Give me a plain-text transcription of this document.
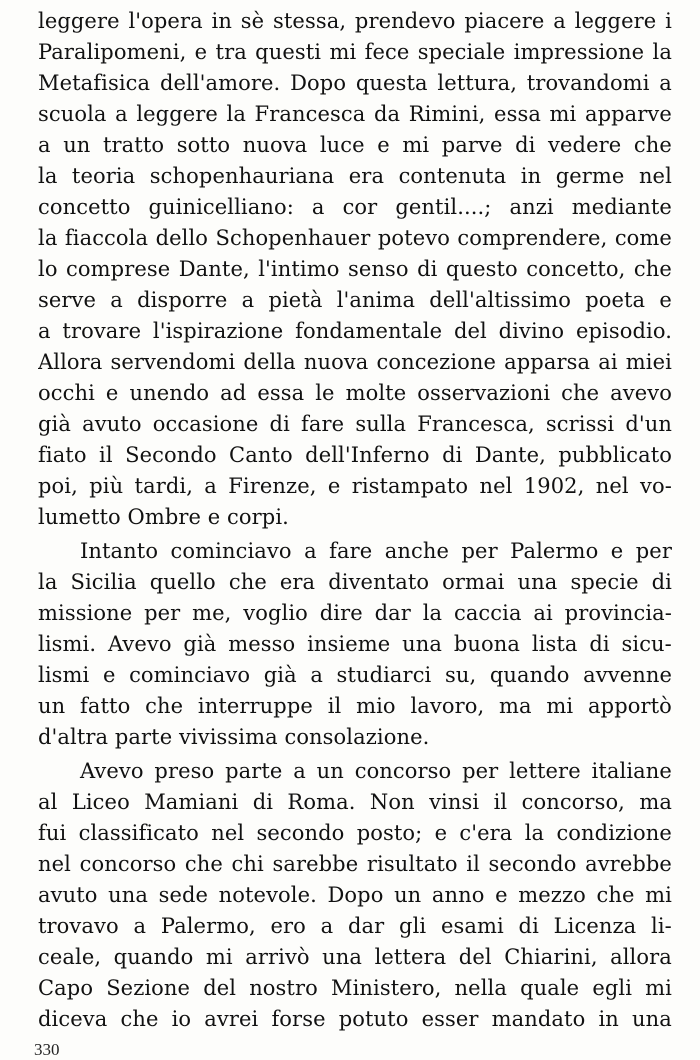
leggere l'opera in sè stessa, prendevo piacere a leggere i
Paralipomeni, e tra questi mi fece speciale impressione la
Metafisica dell'amore. Dopo questa lettura, trovandomi a
scuola a leggere la Francesca da Rimini, essa mi apparve
a un tratto sotto nuova luce e mi parve di vedere che
la teoria schopenhauriana era contenuta in germe nel
concetto guinicelliano: a cor gentil....; anzi mediante
la fiaccola dello Schopenhauer potevo comprendere, come
lo comprese Dante, l'intimo senso di questo concetto, che
serve a disporre a pietà l'anima dell'altissimo poeta e
a trovare l'ispirazione fondamentale del divino episodio.
Allora servendomi della nuova concezione apparsa ai miei
occhi e unendo ad essa le molte osservazioni che avevo
già avuto occasione di fare sulla Francesca, scrissi d'un
fiato il Secondo Canto dell'Inferno di Dante, pubblicato
poi, più tardi, a Firenze, e ristampato nel 1902, nel vo-
lumetto Ombre e corpi.
Intanto cominciavo a fare anche per Palermo e per
la Sicilia quello che era diventato ormai una specie di
missione per me, voglio dire dar la caccia ai provincia-
lismi. Avevo già messo insieme una buona lista di sicu-
lismi e cominciavo già a studiarci su, quando avvenne
un fatto che interruppe il mio lavoro, ma mi apportò
d'altra parte vivissima consolazione.
Avevo preso parte a un concorso per lettere italiane
al Liceo Mamiani di Roma. Non vinsi il concorso, ma
fui classificato nel secondo posto; e c'era la condizione
nel concorso che chi sarebbe risultato il secondo avrebbe
avuto una sede notevole. Dopo un anno e mezzo che mi
trovavo a Palermo, ero a dar gli esami di Licenza li-
ceale, quando mi arrivò una lettera del Chiarini, allora
Capo Sezione del nostro Ministero, nella quale egli mi
diceva che io avrei forse potuto esser mandato in una
330
